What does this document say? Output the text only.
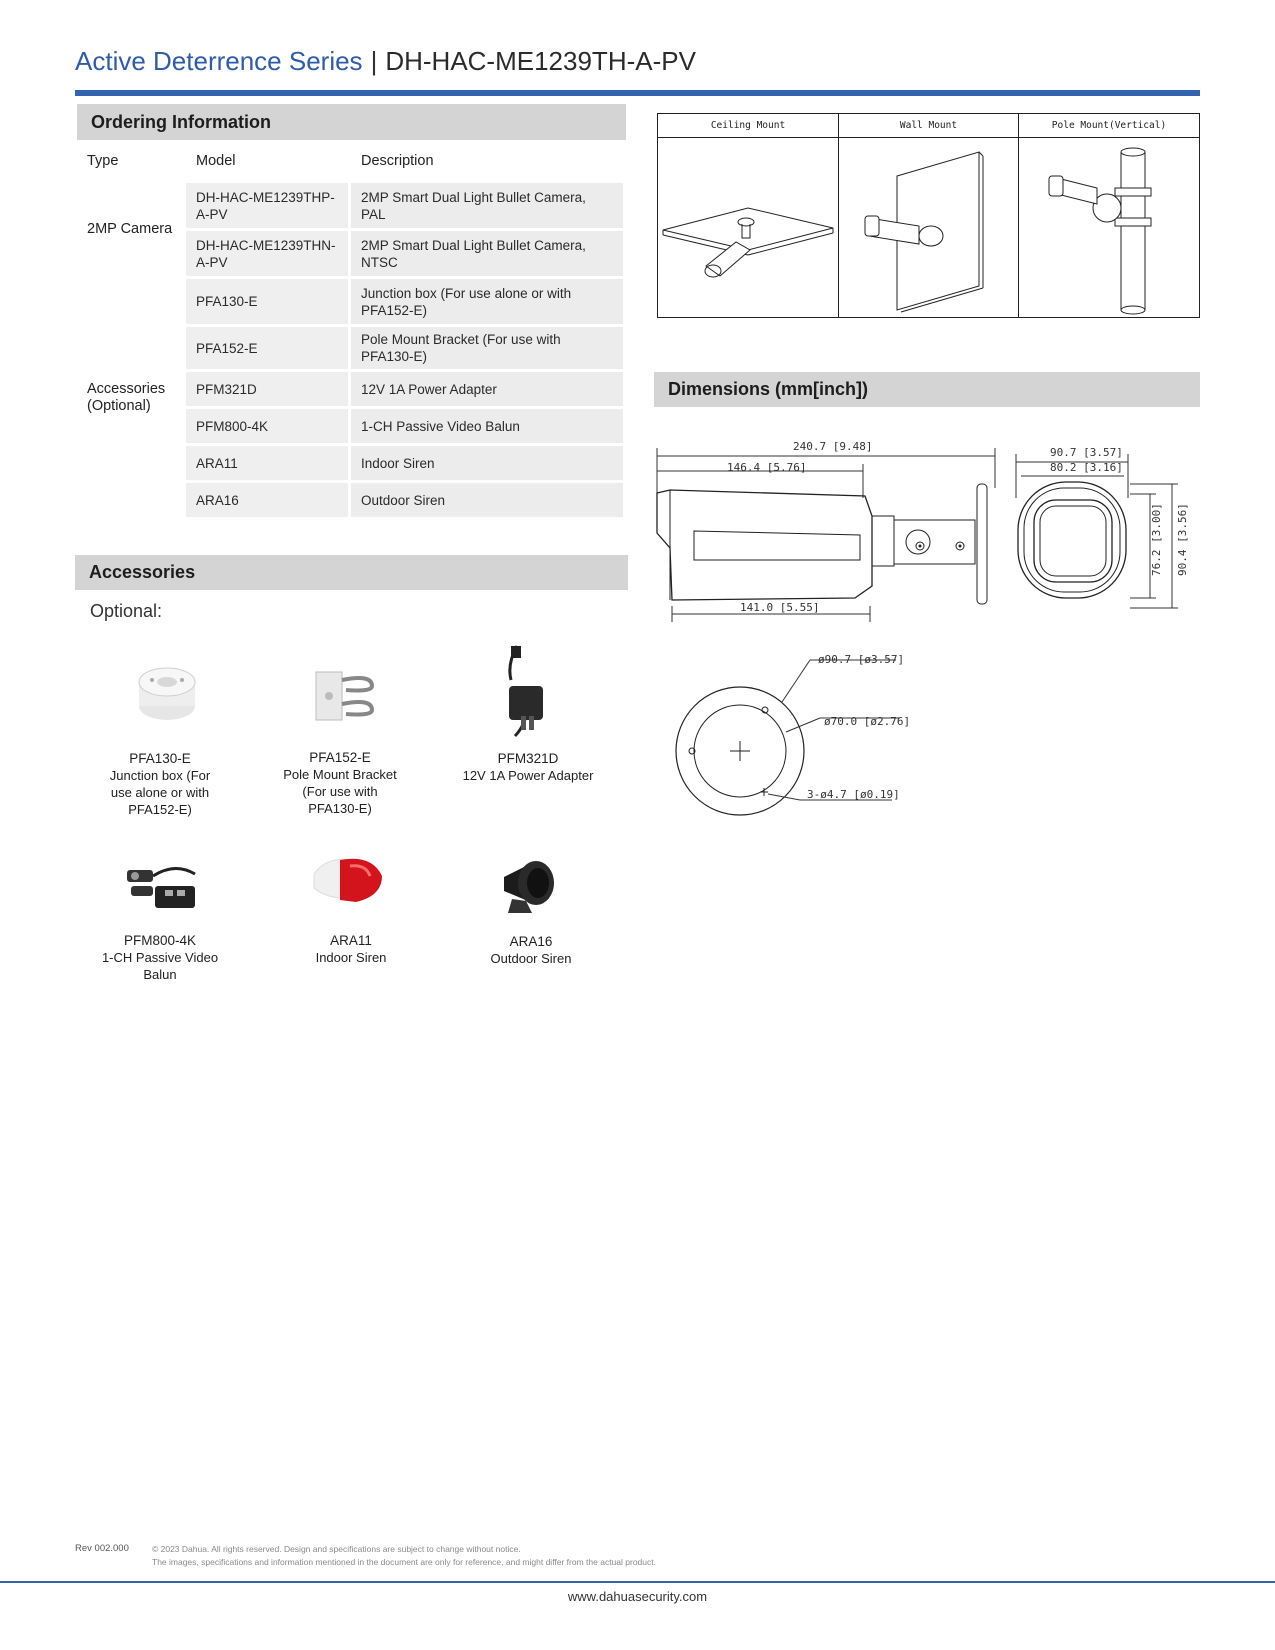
Active Deterrence Series | DH-HAC-ME1239TH-A-PV
Ordering Information
Type	Model	Description
2MP Camera	DH-HAC-ME1239THP-A-PV	2MP Smart Dual Light Bullet Camera, PAL
	DH-HAC-ME1239THN-A-PV	2MP Smart Dual Light Bullet Camera, NTSC
Accessories (Optional)	PFA130-E	Junction box (For use alone or with PFA152-E)
	PFA152-E	Pole Mount Bracket (For use with PFA130-E)
	PFM321D	12V 1A Power Adapter
	PFM800-4K	1-CH Passive Video Balun
	ARA11	Indoor Siren
	ARA16	Outdoor Siren
Accessories
Optional:
PFA130-E
Junction box (For use alone or with PFA152-E)
PFA152-E
Pole Mount Bracket (For use with PFA130-E)
PFM321D
12V 1A Power Adapter
PFM800-4K
1-CH Passive Video Balun
ARA11
Indoor Siren
ARA16
Outdoor Siren
Ceiling Mount	Wall Mount	Pole Mount(Vertical)
Dimensions (mm[inch])
240.7 [9.48]
146.4 [5.76]
141.0 [5.55]
90.7 [3.57]
80.2 [3.16]
76.2 [3.00] 90.4 [3.56]
ø90.7 [ø3.57]
ø70.0 [ø2.76]
3-ø4.7 [ø0.19]
Rev 002.000	© 2023 Dahua. All rights reserved. Design and specifications are subject to change without notice.
The images, specifications and information mentioned in the document are only for reference, and might differ from the actual product.
www.dahuasecurity.com
